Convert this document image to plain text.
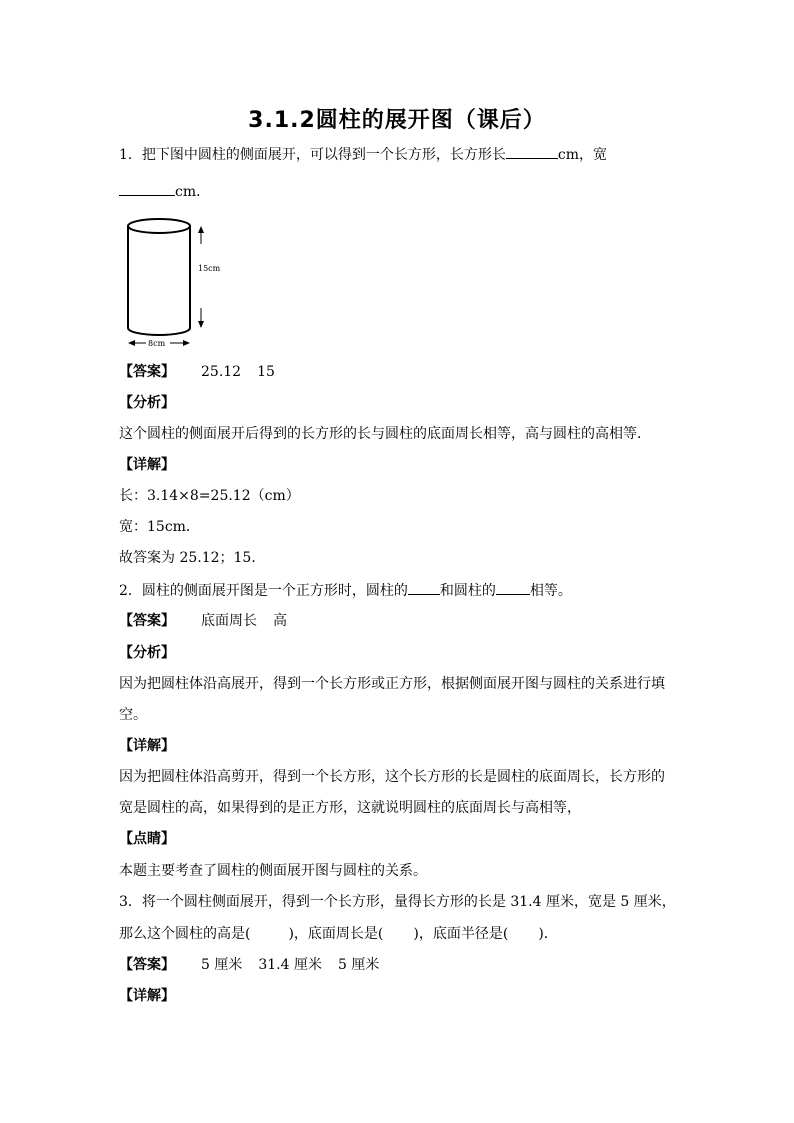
3.1.2圆柱的展开图（课后）
1．把下图中圆柱的侧面展开，可以得到一个长方形，长方形长	cm，宽
cm．
15cm
8cm
【答案】 25.12 15
【分析】
这个圆柱的侧面展开后得到的长方形的长与圆柱的底面周长相等，高与圆柱的高相等．
【详解】
长：3.14×8=25.12（cm）
宽：15cm．
故答案为 25.12；15．
2．圆柱的侧面展开图是一个正方形时，圆柱的 和圆柱的 相等。
【答案】 底面周长 高
【分析】
因为把圆柱体沿高展开，得到一个长方形或正方形，根据侧面展开图与圆柱的关系进行填
空。
【详解】
因为把圆柱体沿高剪开，得到一个长方形，这个长方形的长是圆柱的底面周长，长方形的
宽是圆柱的高，如果得到的是正方形，这就说明圆柱的底面周长与高相等，
【点睛】
本题主要考查了圆柱的侧面展开图与圆柱的关系。
3．将一个圆柱侧面展开，得到一个长方形，量得长方形的长是 31.4 厘米，宽是 5 厘米，
那么这个圆柱的高是(	)，底面周长是( )，底面半径是( )．
【答案】 5 厘米 31.4 厘米 5 厘米
【详解】
